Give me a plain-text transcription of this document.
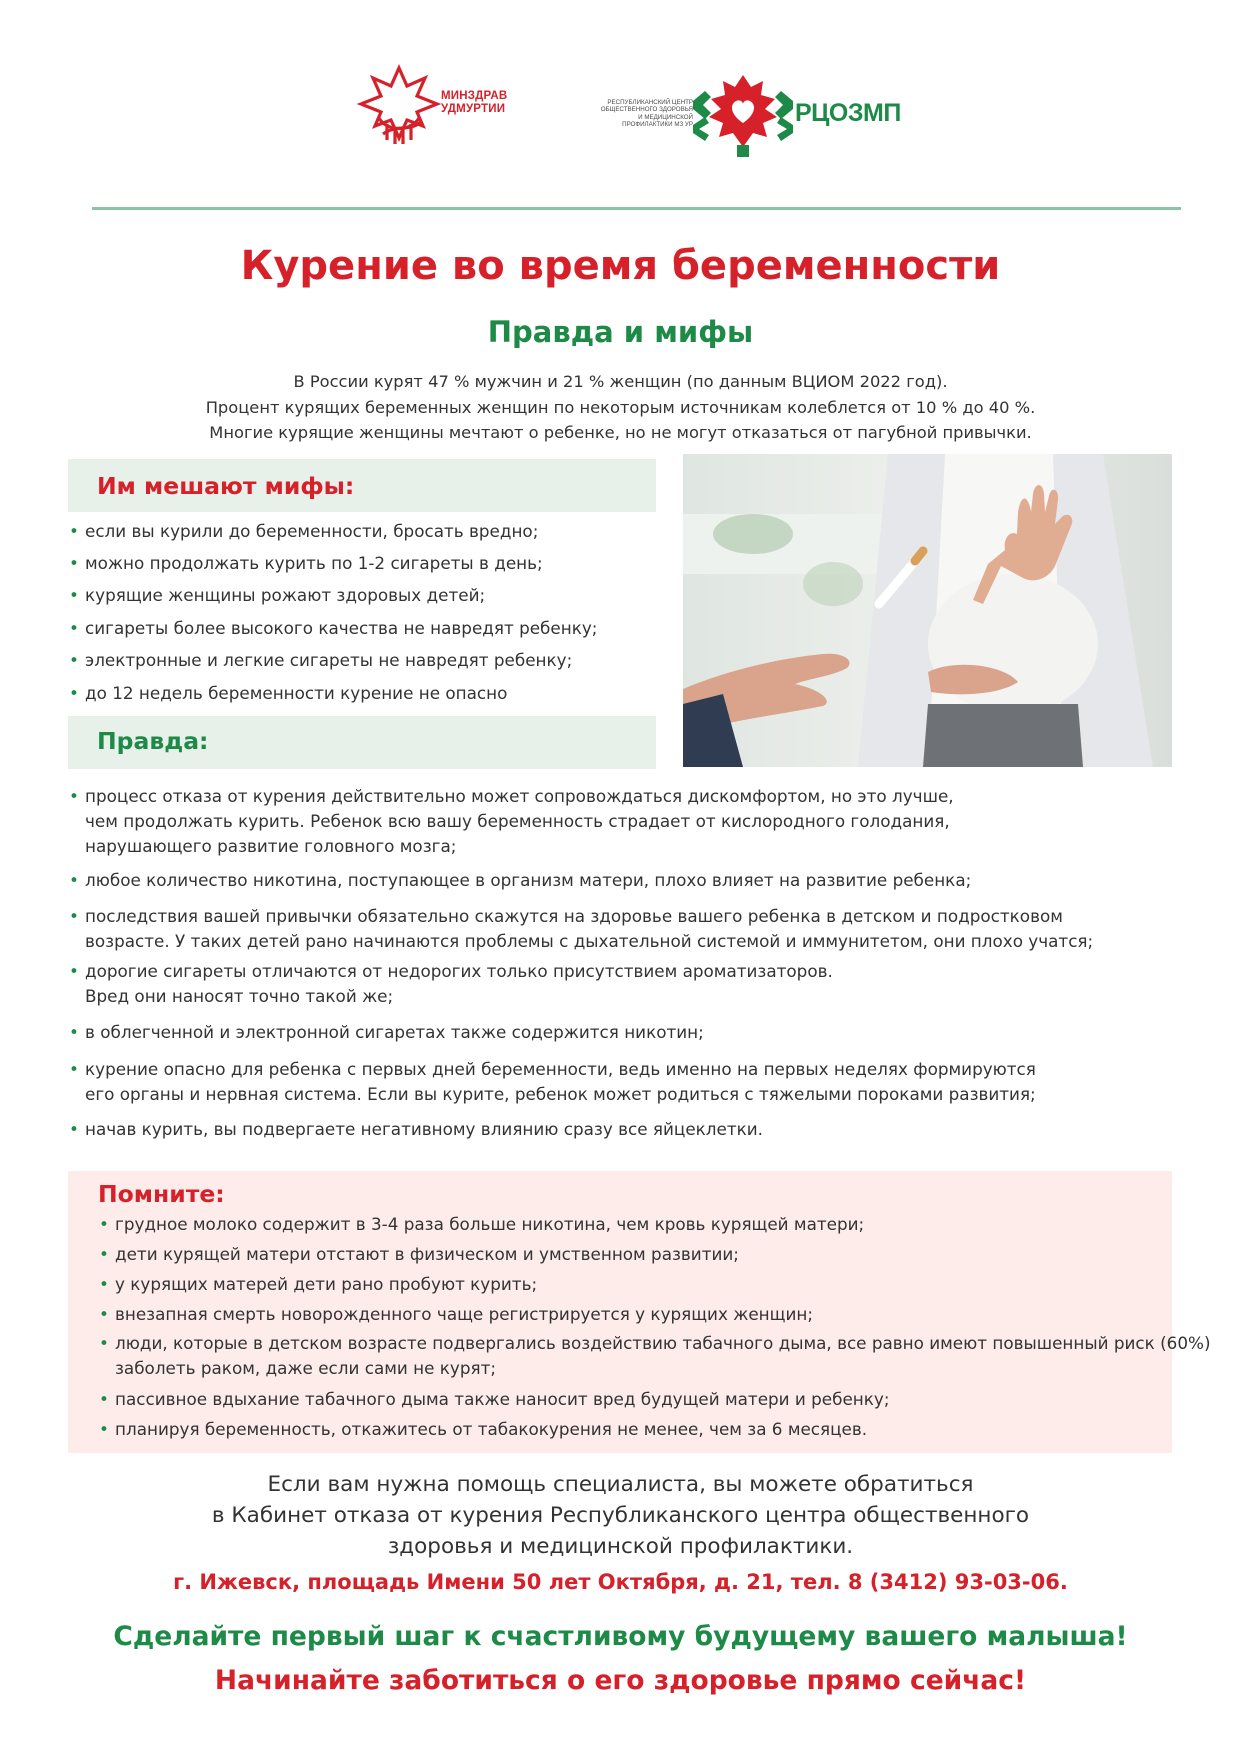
МИНЗДРАВ
УДМУРТИИ
РЕСПУБЛИКАНСКИЙ ЦЕНТР
ОБЩЕСТВЕННОГО ЗДОРОВЬЯ
И МЕДИЦИНСКОЙ
ПРОФИЛАКТИКИ МЗ УР	РЦОЗМП
Курение во время беременности
Правда и мифы
В России курят 47 % мужчин и 21 % женщин (по данным ВЦИОМ 2022 год).
Процент курящих беременных женщин по некоторым источникам колеблется от 10 % до 40 %.
Многие курящие женщины мечтают о ребенке, но не могут отказаться от пагубной привычки.
Им мешают мифы:
• если вы курили до беременности, бросать вредно;
• можно продолжать курить по 1-2 сигареты в день;
• курящие женщины рожают здоровых детей;
• сигареты более высокого качества не навредят ребенку;
• электронные и легкие сигареты не навредят ребенку;
• до 12 недель беременности курение не опасно
Правда:
• процесс отказа от курения действительно может сопровождаться дискомфортом, но это лучше,
чем продолжать курить. Ребенок всю вашу беременность страдает от кислородного голодания,
нарушающего развитие головного мозга;
• любое количество никотина, поступающее в организм матери, плохо влияет на развитие ребенка;
• последствия вашей привычки обязательно скажутся на здоровье вашего ребенка в детском и подростковом
возрасте. У таких детей рано начинаются проблемы с дыхательной системой и иммунитетом, они плохо учатся;
• дорогие сигареты отличаются от недорогих только присутствием ароматизаторов.
Вред они наносят точно такой же;
• в облегченной и электронной сигаретах также содержится никотин;
• курение опасно для ребенка с первых дней беременности, ведь именно на первых неделях формируются
его органы и нервная система. Если вы курите, ребенок может родиться с тяжелыми пороками развития;
• начав курить, вы подвергаете негативному влиянию сразу все яйцеклетки.
Помните:
• грудное молоко содержит в 3-4 раза больше никотина, чем кровь курящей матери;
• дети курящей матери отстают в физическом и умственном развитии;
• у курящих матерей дети рано пробуют курить;
• внезапная смерть новорожденного чаще регистрируется у курящих женщин;
• люди, которые в детском возрасте подвергались воздействию табачного дыма, все равно имеют повышенный риск (60%) заболеть раком, даже если сами не курят;
• пассивное вдыхание табачного дыма также наносит вред будущей матери и ребенку;
• планируя беременность, откажитесь от табакокурения не менее, чем за 6 месяцев.
Если вам нужна помощь специалиста, вы можете обратиться
в Кабинет отказа от курения Республиканского центра общественного
здоровья и медицинской профилактики.
г. Ижевск, площадь Имени 50 лет Октября, д. 21, тел. 8 (3412) 93-03-06.
Сделайте первый шаг к счастливому будущему вашего малыша!
Начинайте заботиться о его здоровье прямо сейчас!
